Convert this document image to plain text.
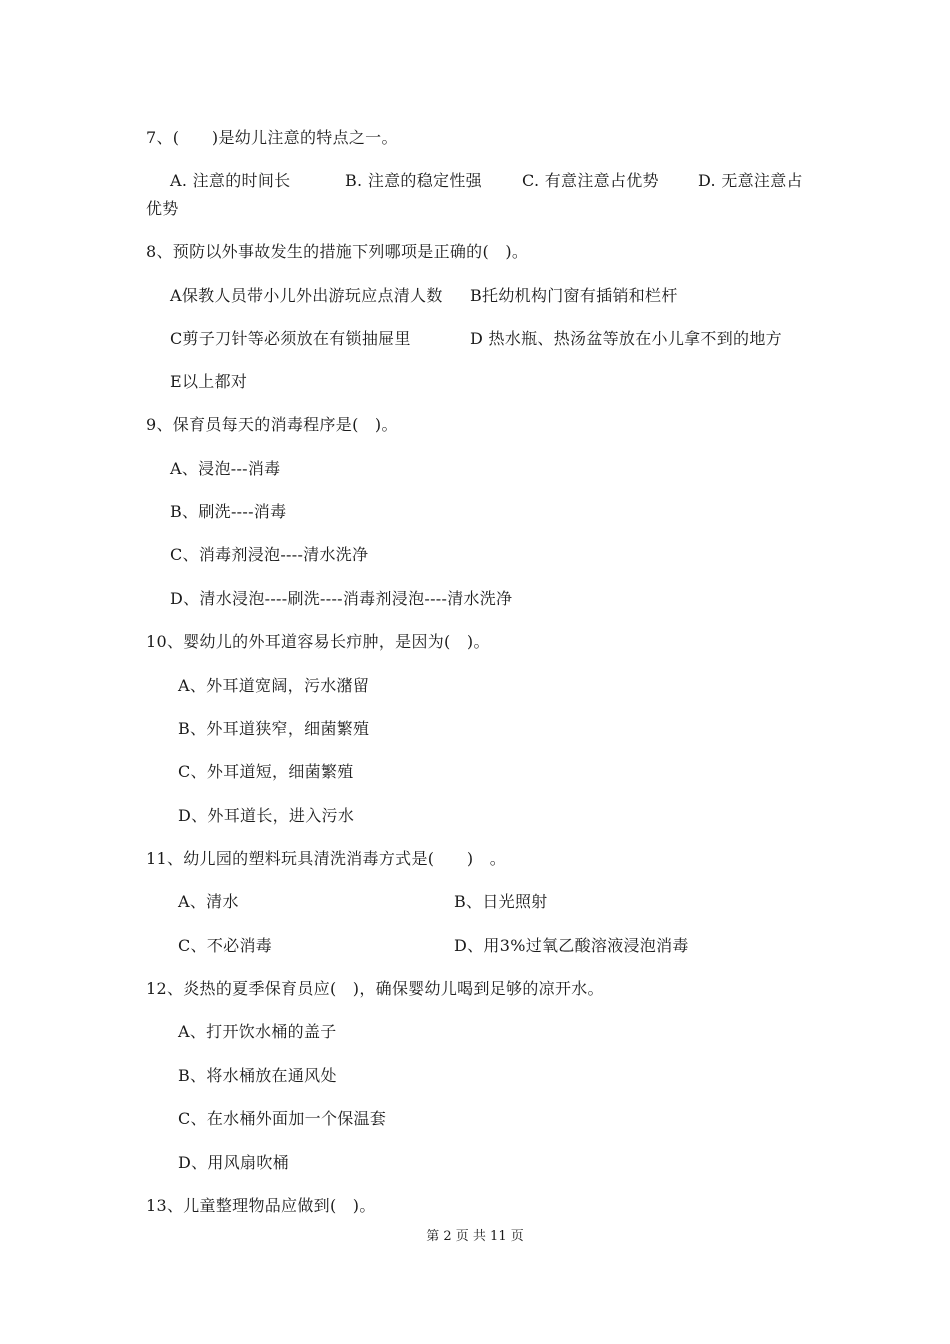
7、(　　)是幼儿注意的特点之一。
A. 注意的时间长	B. 注意的稳定性强	C. 有意注意占优势 D. 无意注意占
优势
8、预防以外事故发生的措施下列哪项是正确的(　)。
A保教人员带小儿外出游玩应点清人数 B托幼机构门窗有插销和栏杆
C剪子刀针等必须放在有锁抽屉里	D 热水瓶、热汤盆等放在小儿拿不到的地方
E以上都对
9、保育员每天的消毒程序是(　)。
A、浸泡---消毒
B、刷洗----消毒
C、消毒剂浸泡----清水洗净
D、清水浸泡----刷洗----消毒剂浸泡----清水洗净
10、婴幼儿的外耳道容易长疖肿，是因为(　)。
A、外耳道宽阔，污水潴留
B、外耳道狭窄，细菌繁殖
C、外耳道短，细菌繁殖
D、外耳道长，进入污水
11、幼儿园的塑料玩具清洗消毒方式是(　　)　。
A、清水	B、日光照射
C、不必消毒	D、用3%过氧乙酸溶液浸泡消毒
12、炎热的夏季保育员应(　)，确保婴幼儿喝到足够的凉开水。
A、打开饮水桶的盖子
B、将水桶放在通风处
C、在水桶外面加一个保温套
D、用风扇吹桶
13、儿童整理物品应做到(　)。
第 2 页 共 11 页
